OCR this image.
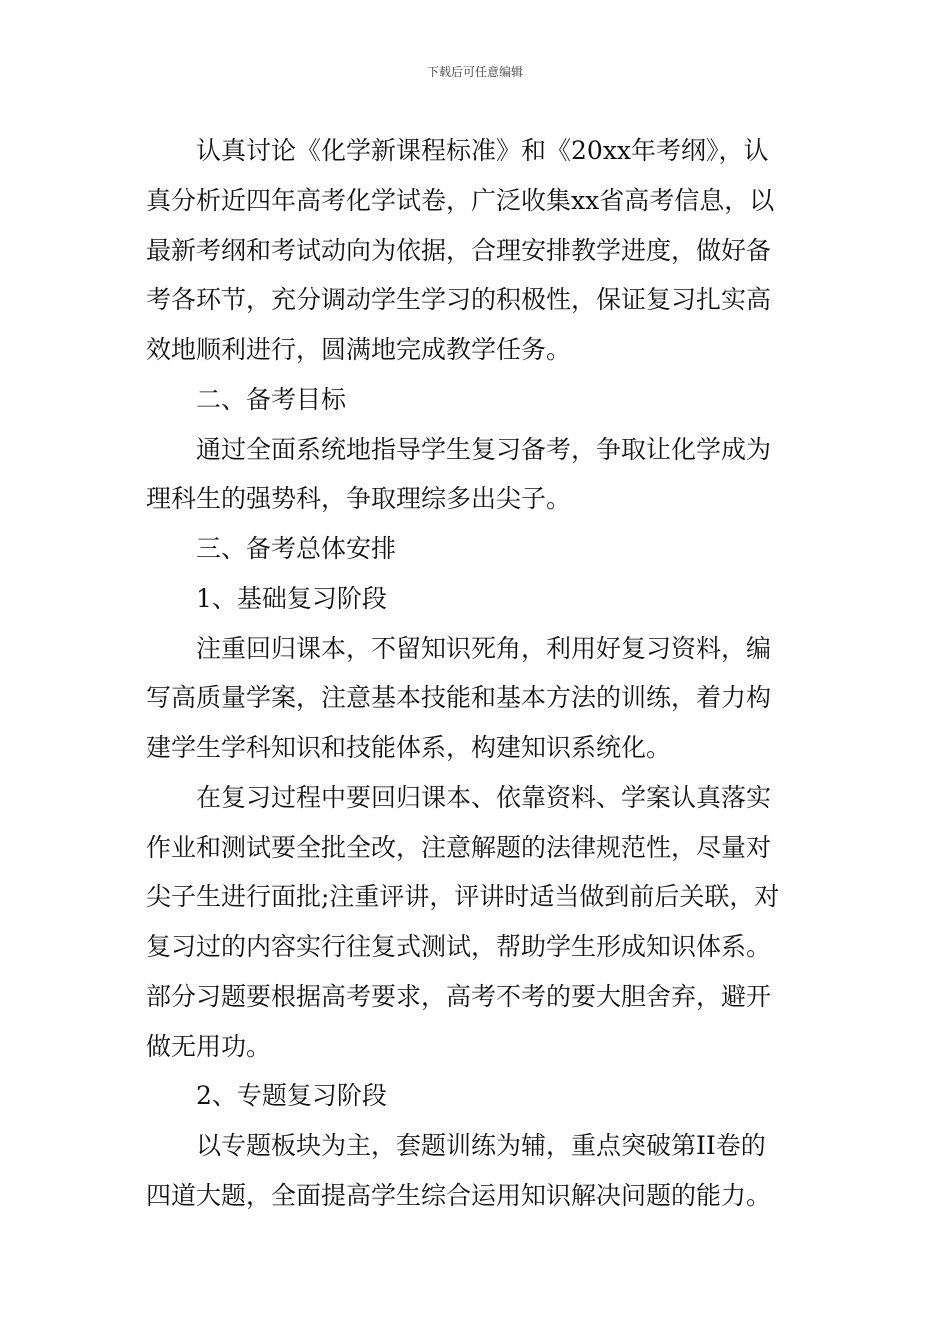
下载后可任意编辑
认真讨论《化学新课程标准》和《20xx年考纲》，认
真分析近四年高考化学试卷，广泛收集xx省高考信息，以
最新考纲和考试动向为依据，合理安排教学进度，做好备
考各环节，充分调动学生学习的积极性，保证复习扎实高
效地顺利进行，圆满地完成教学任务。
二、备考目标
通过全面系统地指导学生复习备考，争取让化学成为
理科生的强势科，争取理综多出尖子。
三、备考总体安排
1、基础复习阶段
注重回归课本，不留知识死角，利用好复习资料，编
写高质量学案，注意基本技能和基本方法的训练，着力构
建学生学科知识和技能体系，构建知识系统化。
在复习过程中要回归课本、依靠资料、学案认真落实
作业和测试要全批全改，注意解题的法律规范性，尽量对
尖子生进行面批;注重评讲，评讲时适当做到前后关联，对
复习过的内容实行往复式测试，帮助学生形成知识体系。
部分习题要根据高考要求，高考不考的要大胆舍弃，避开
做无用功。
2、专题复习阶段
以专题板块为主，套题训练为辅，重点突破第II卷的
四道大题，全面提高学生综合运用知识解决问题的能力。
